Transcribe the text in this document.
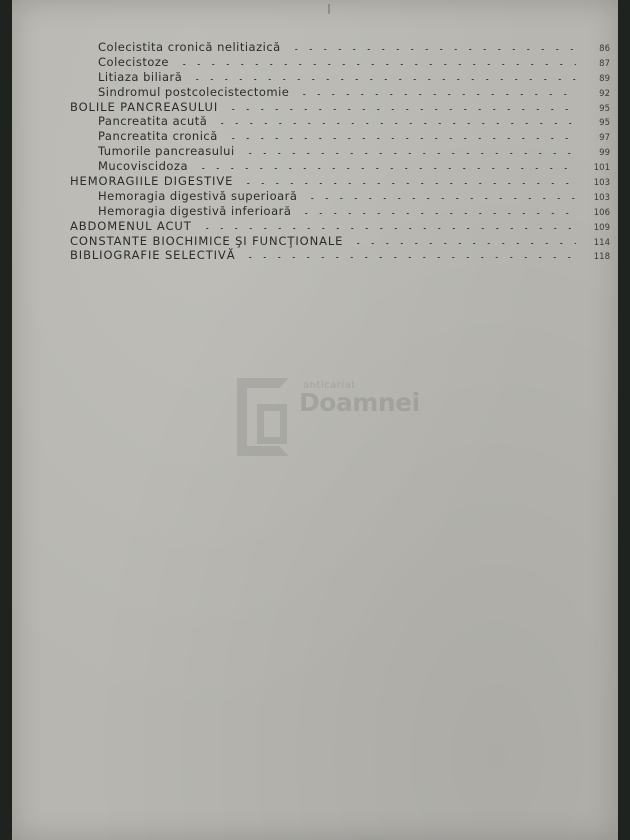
Colecistita cronică nelitiazică	86
Colecistoze	87
Litiaza biliară	89
Sindromul postcolecistectomie	92
BOLILE PANCREASULUI	95
Pancreatita acută	95
Pancreatita cronică	97
Tumorile pancreasului	99
Mucoviscidoza	101
HEMORAGIILE DIGESTIVE	103
Hemoragia digestivă superioară	103
Hemoragia digestivă inferioară	106
ABDOMENUL ACUT	109
CONSTANTE BIOCHIMICE ŞI FUNCŢIONALE	114
BIBLIOGRAFIE SELECTIVĂ	118
anticariat
Doamnei
